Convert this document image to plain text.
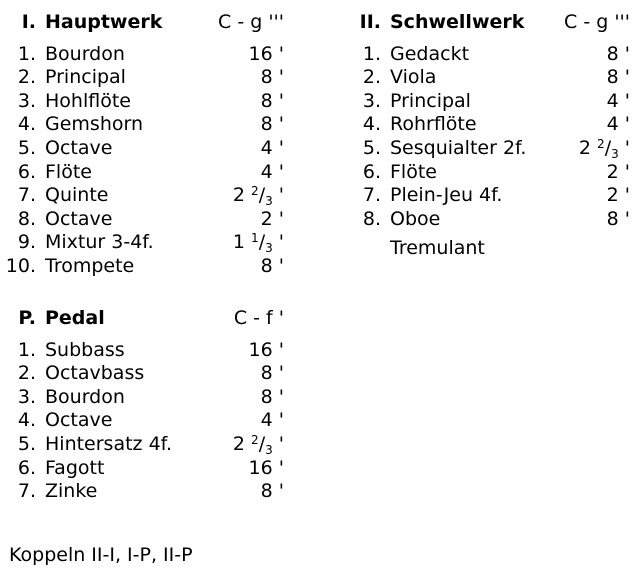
I. Hauptwerk	C - g '''
1. Bourdon	16 '
2. Principal	8 '
3. Hohlflöte	8 '
4. Gemshorn	8 '
5. Octave	4 '
6. Flöte	4 '
7. Quinte	2 $^2/_3$ '
8. Octave	2 '
9. Mixtur 3-4f.	1 $^1/_3$ '
10. Trompete	8 '
II. Schwellwerk	C - g '''
1. Gedackt	8 '
2. Viola	8 '
3. Principal	4 '
4. Rohrflöte	4 '
5. Sesquialter 2f.	2 $^2/_3$ '
6. Flöte	2 '
7. Plein-Jeu 4f.	2 '
8. Oboe	8 '
Tremulant
P. Pedal	C - f '
1. Subbass	16 '
2. Octavbass	8 '
3. Bourdon	8 '
4. Octave	4 '
5. Hintersatz 4f.	2 $^2/_3$ '
6. Fagott	16 '
7. Zinke	8 '
Koppeln II-I, I-P, II-P
